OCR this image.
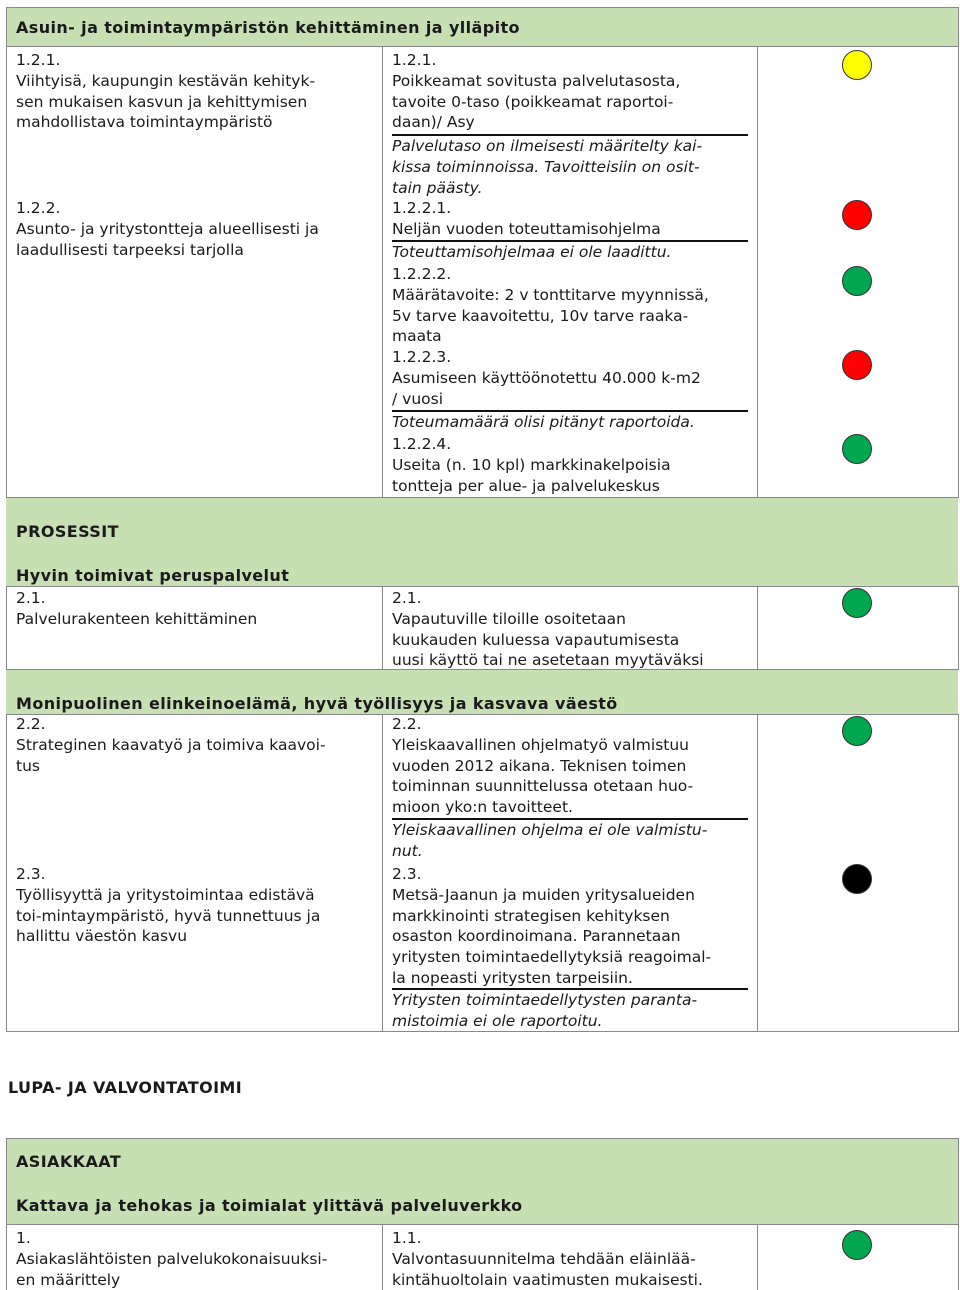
Asuin- ja toimintaympäristön kehittäminen ja ylläpito
1.2.1.
Viihtyisä, kaupungin kestävän kehityk-
sen mukaisen kasvun ja kehittymisen
mahdollistava toimintaympäristö
1.2.2.
Asunto- ja yritystontteja alueellisesti ja
laadullisesti tarpeeksi tarjolla
1.2.1.
Poikkeamat sovitusta palvelutasosta,
tavoite 0-taso (poikkeamat raportoi-
daan)/ Asy
Palvelutaso on ilmeisesti määritelty kai-
kissa toiminnoissa. Tavoitteisiin on osit-
tain päästy.
1.2.2.1.
Neljän vuoden toteuttamisohjelma
Toteuttamisohjelmaa ei ole laadittu.
1.2.2.2.
Määrätavoite: 2 v tonttitarve myynnissä,
5v tarve kaavoitettu, 10v tarve raaka-
maata
1.2.2.3.
Asumiseen käyttöönotettu 40.000 k-m2
/ vuosi
Toteumamäärä olisi pitänyt raportoida.
1.2.2.4.
Useita (n. 10 kpl) markkinakelpoisia
tontteja per alue- ja palvelukeskus
PROSESSIT
Hyvin toimivat peruspalvelut
2.1.
Palvelurakenteen kehittäminen
2.1.
Vapautuville tiloille osoitetaan
kuukauden kuluessa vapautumisesta
uusi käyttö tai ne asetetaan myytäväksi
Monipuolinen elinkeinoelämä, hyvä työllisyys ja kasvava väestö
2.2.
Strateginen kaavatyö ja toimiva kaavoi-
tus
2.3.
Työllisyyttä ja yritystoimintaa edistävä
toi-mintaympäristö, hyvä tunnettuus ja
hallittu väestön kasvu
2.2.
Yleiskaavallinen ohjelmatyö valmistuu
vuoden 2012 aikana. Teknisen toimen
toiminnan suunnittelussa otetaan huo-
mioon yko:n tavoitteet.
Yleiskaavallinen ohjelma ei ole valmistu-
nut.
2.3.
Metsä-Jaanun ja muiden yritysalueiden
markkinointi strategisen kehityksen
osaston koordinoimana. Parannetaan
yritysten toimintaedellytyksiä reagoimal-
la nopeasti yritysten tarpeisiin.
Yritysten toimintaedellytysten paranta-
mistoimia ei ole raportoitu.
LUPA- JA VALVONTATOIMI
ASIAKKAAT
Kattava ja tehokas ja toimialat ylittävä palveluverkko
1.
Asiakaslähtöisten palvelukokonaisuuksi-
en määrittely
1.1.
Valvontasuunnitelma tehdään eläinlää-
kintähuoltolain vaatimusten mukaisesti.
